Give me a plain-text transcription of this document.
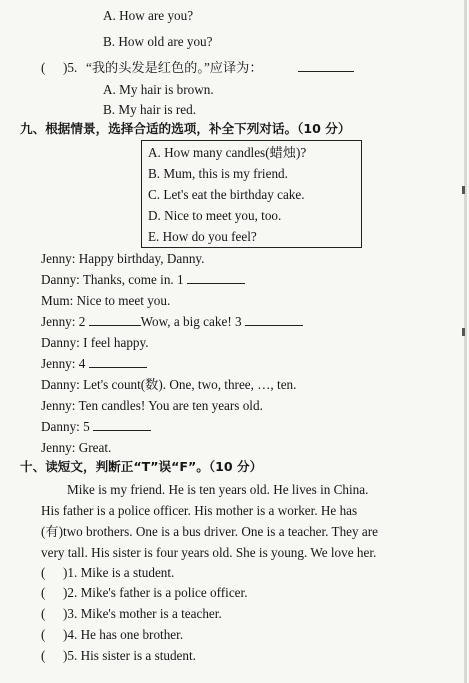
A. How are you?
B. How old are you?
( )5. “我的头发是红色的。”应译为：
A. My hair is brown.
B. My hair is red.
九、根据情景，选择合适的选项，补全下列对话。（10 分）
A. How many candles(蜡烛)?
B. Mum, this is my friend.
C. Let's eat the birthday cake.
D. Nice to meet you, too.
E. How do you feel?
Jenny: Happy birthday, Danny.
Danny: Thanks, come in. 1
Mum: Nice to meet you.
Jenny: 2	Wow, a big cake! 3
Danny: I feel happy.
Jenny: 4
Danny: Let's count(数). One, two, three, …, ten.
Jenny: Ten candles! You are ten years old.
Danny: 5
Jenny: Great.
十、读短文，判断正“T”误“F”。（10 分）
Mike is my friend. He is ten years old. He lives in China.
His father is a police officer. His mother is a worker. He has
(有)two brothers. One is a bus driver. One is a teacher. They are
very tall. His sister is four years old. She is young. We love her.
( )1. Mike is a student.
( )2. Mike's father is a police officer.
( )3. Mike's mother is a teacher.
( )4. He has one brother.
( )5. His sister is a student.
